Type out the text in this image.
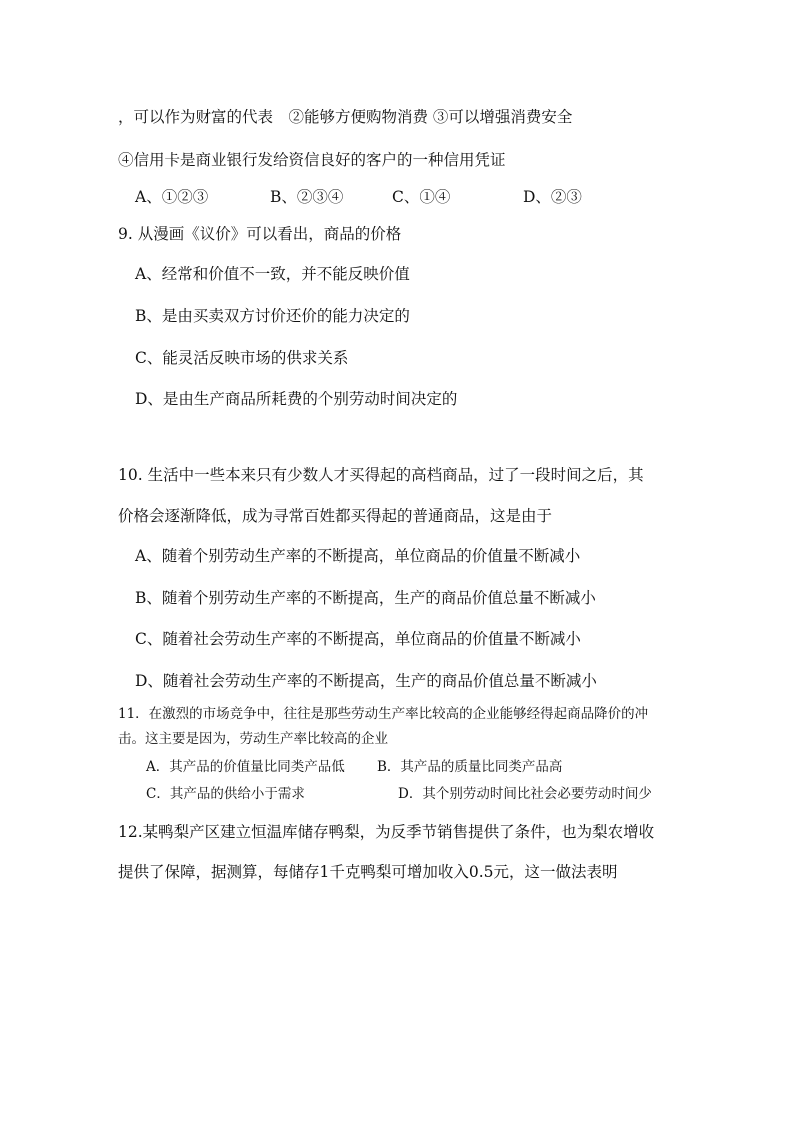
，可以作为财富的代表　②能够方便购物消费 ③可以增强消费安全
④信用卡是商业银行发给资信良好的客户的一种信用凭证
A、①②③	B、②③④	C、①④	D、②③
9. 从漫画《议价》可以看出，商品的价格
A、经常和价值不一致，并不能反映价值
B、是由买卖双方讨价还价的能力决定的
C、能灵活反映市场的供求关系
D、是由生产商品所耗费的个别劳动时间决定的
10. 生活中一些本来只有少数人才买得起的高档商品，过了一段时间之后，其
价格会逐渐降低，成为寻常百姓都买得起的普通商品，这是由于
A、随着个别劳动生产率的不断提高，单位商品的价值量不断减小
B、随着个别劳动生产率的不断提高，生产的商品价值总量不断减小
C、随着社会劳动生产率的不断提高，单位商品的价值量不断减小
D、随着社会劳动生产率的不断提高，生产的商品价值总量不断减小
11．在激烈的市场竞争中，往往是那些劳动生产率比较高的企业能够经得起商品降价的冲
击。这主要是因为，劳动生产率比较高的企业
A．其产品的价值量比同类产品低 B．其产品的质量比同类产品高
C．其产品的供给小于需求	D．其个别劳动时间比社会必要劳动时间少
12.某鸭梨产区建立恒温库储存鸭梨，为反季节销售提供了条件，也为梨农增收
提供了保障，据测算，每储存1千克鸭梨可增加收入0.5元，这一做法表明
